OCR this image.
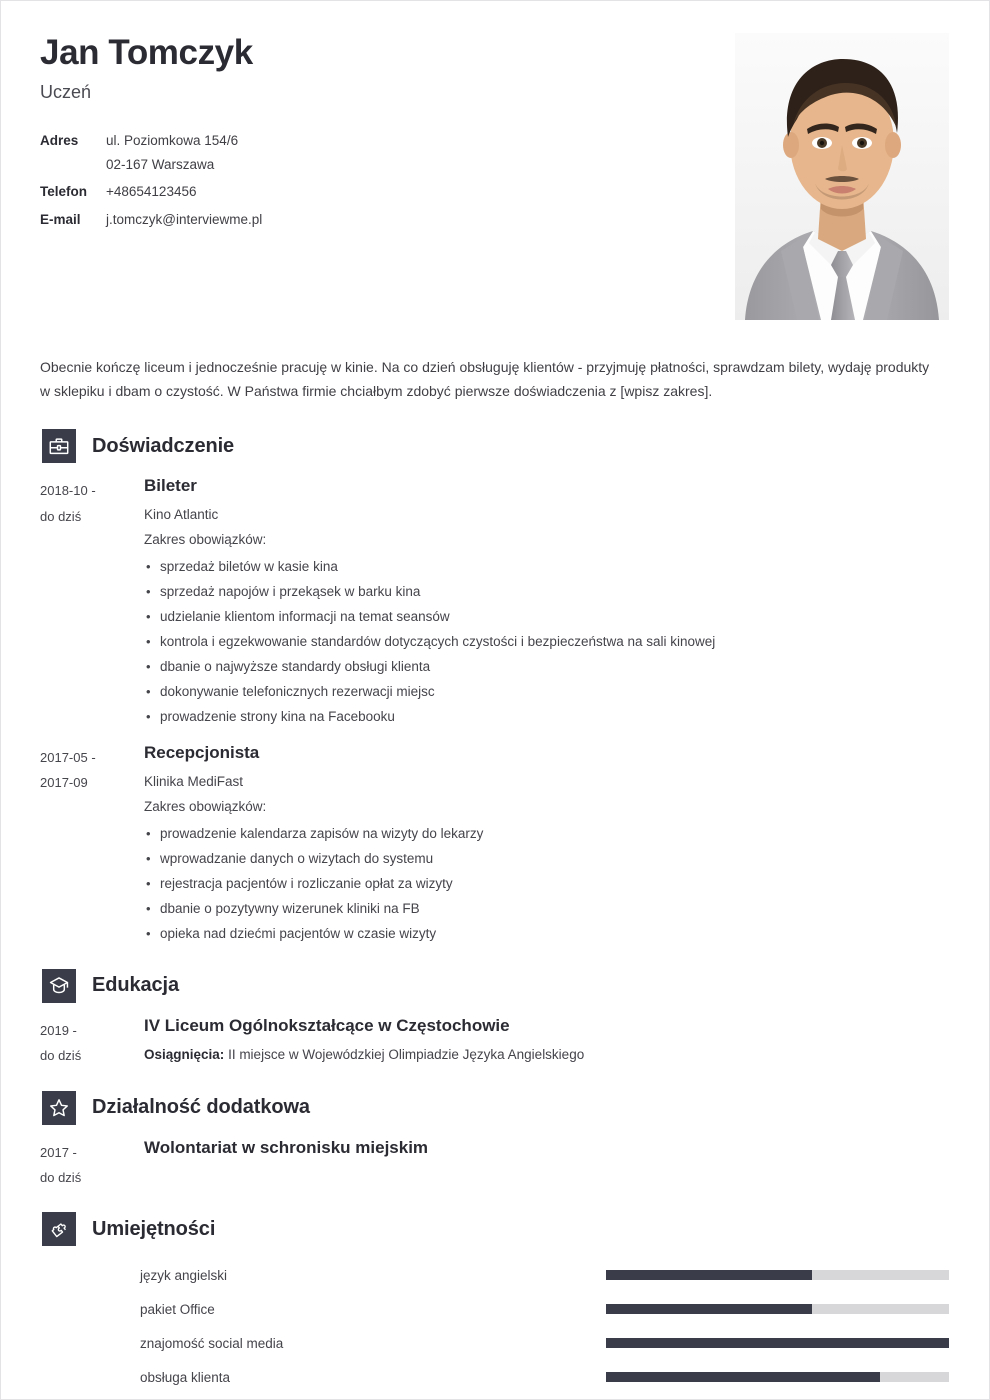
Jan Tomczyk
Uczeń
Adres	ul. Poziomkowa 154/6
02-167 Warszawa
Telefon	+48654123456
E-mail	j.tomczyk@interviewme.pl
Obecnie kończę liceum i jednocześnie pracuję w kinie. Na co dzień obsługuję klientów - przyjmuję płatności, sprawdzam bilety, wydaję produkty w sklepiku i dbam o czystość. W Państwa firmie chciałbym zdobyć pierwsze doświadczenia z [wpisz zakres].
Doświadczenie
2018-10 -
do dziś
Bileter
Kino Atlantic
Zakres obowiązków:
• sprzedaż biletów w kasie kina
• sprzedaż napojów i przekąsek w barku kina
• udzielanie klientom informacji na temat seansów
• kontrola i egzekwowanie standardów dotyczących czystości i bezpieczeństwa na sali kinowej
• dbanie o najwyższe standardy obsługi klienta
• dokonywanie telefonicznych rezerwacji miejsc
• prowadzenie strony kina na Facebooku
2017-05 -
2017-09
Recepcjonista
Klinika MediFast
Zakres obowiązków:
• prowadzenie kalendarza zapisów na wizyty do lekarzy
• wprowadzanie danych o wizytach do systemu
• rejestracja pacjentów i rozliczanie opłat za wizyty
• dbanie o pozytywny wizerunek kliniki na FB
• opieka nad dziećmi pacjentów w czasie wizyty
Edukacja
2019 -
do dziś
IV Liceum Ogólnokształcące w Częstochowie
Osiągnięcia: II miejsce w Wojewódzkiej Olimpiadzie Języka Angielskiego
Działalność dodatkowa
2017 -
do dziś
Wolontariat w schronisku miejskim
Umiejętności
język angielski
pakiet Office
znajomość social media
obsługa klienta
